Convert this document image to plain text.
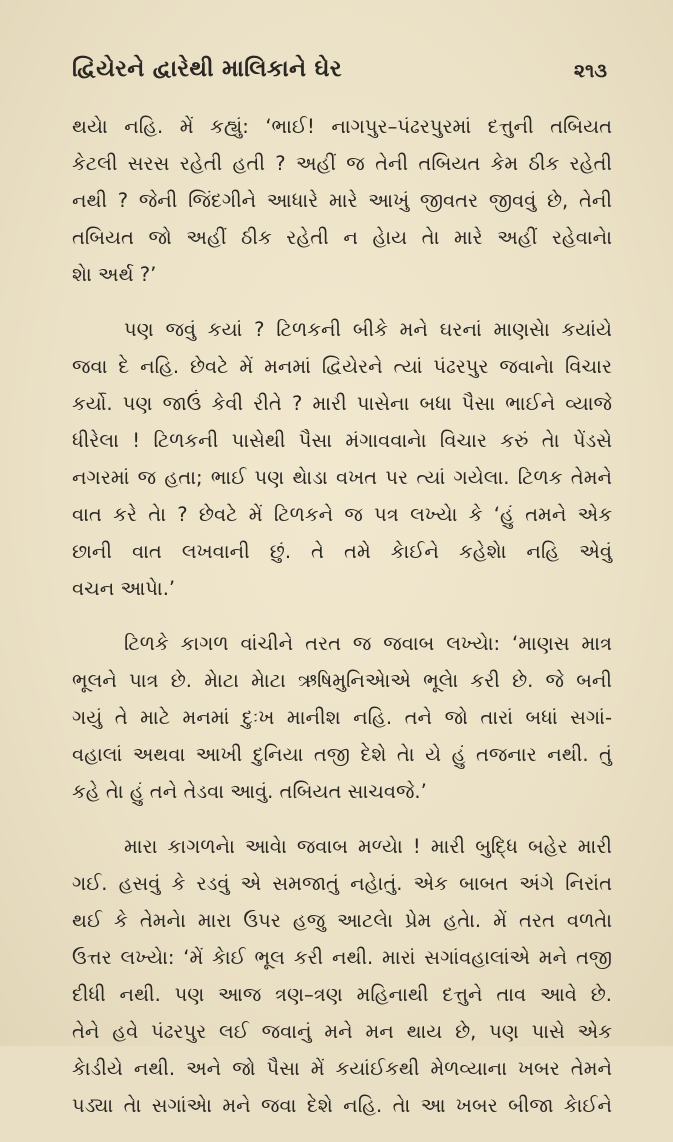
દ્વિયેરને દ્વારેથી માલિકાને ઘેર	૨૧૩
થયેા નહિ. મેં કહ્યું: ‘ભાઈ! નાગપુર–પંઢરપુરમાં દત્તુની તબિયત
કેટલી સરસ રહેતી હતી ? અહીં જ તેની તબિયત કેમ ઠીક રહેતી
નથી ? જેની જિંદગીને આધારે મારે આખું જીવતર જીવવું છે, તેની
તબિયત જો અહીં ઠીક રહેતી ન હેાય તેા મારે અહીં રહેવાનેા
શેા અર્થ ?’
પણ જવું કયાં ? ટિળકની બીકે મને ઘરનાં માણસેા કયાંયે
જવા દે નહિ. છેવટે મેં મનમાં દ્વિયેરને ત્યાં પંઢરપુર જવાનેા વિચાર
કર્યો. પણ જાઉં કેવી રીતે ? મારી પાસેના બધા પૈસા ભાઈને વ્યાજે
ધીરેલા ! ટિળકની પાસેથી પૈસા મંગાવવાનેા વિચાર કરું તેા પેંડસે
નગરમાં જ હતા; ભાઈ પણ થેાડા વખત પર ત્યાં ગયેલા. ટિળક તેમને
વાત કરે તેા ? છેવટે મેં ટિળકને જ પત્ર લખ્યેા કે ‘હું તમને એક
છાની વાત લખવાની છું. તે તમે કેાઈને કહેશેા નહિ એવું
વચન આપેા.’
ટિળકે કાગળ વાંચીને તરત જ જવાબ લખ્યેા: ‘માણસ માત્ર
ભૂલને પાત્ર છે. મેાટા મેાટા ઋષિમુનિએાએ ભૂલેા કરી છે. જે બની
ગયું તે માટે મનમાં દુઃખ માનીશ નહિ. તને જો તારાં બધાં સગાં-
વહાલાં અથવા આખી દુનિયા તજી દેશે તેા યે હું તજનાર નથી. તું
કહે તેા હું તને તેડવા આવું. તબિયત સાચવજે.’
મારા કાગળનેા આવેા જવાબ મળ્યેા ! મારી બુદ્ધિ બહેર મારી
ગઈ. હસવું કે રડવું એ સમજાતું નહેાતું. એક બાબત અંગે નિરાંત
થઈ કે તેમનેા મારા ઉપર હજુ આટલેા પ્રેમ હતેા. મેં તરત વળતેા
ઉત્તર લખ્યેા: ‘મેં કેાઈ ભૂલ કરી નથી. મારાં સગાંવહાલાંએ મને તજી
દીધી નથી. પણ આજ ત્રણ–ત્રણ મહિનાથી દત્તુને તાવ આવે છે.
તેને હવે પંઢરપુર લઈ જવાનું મને મન થાય છે, પણ પાસે એક
કેાડીયે નથી. અને જો પૈસા મેં કયાંઈકથી મેળવ્યાના ખબર તેમને
પડ્યા તેા સગાંએા મને જવા દેશે નહિ. તેા આ ખબર બીજા કેાઈને
